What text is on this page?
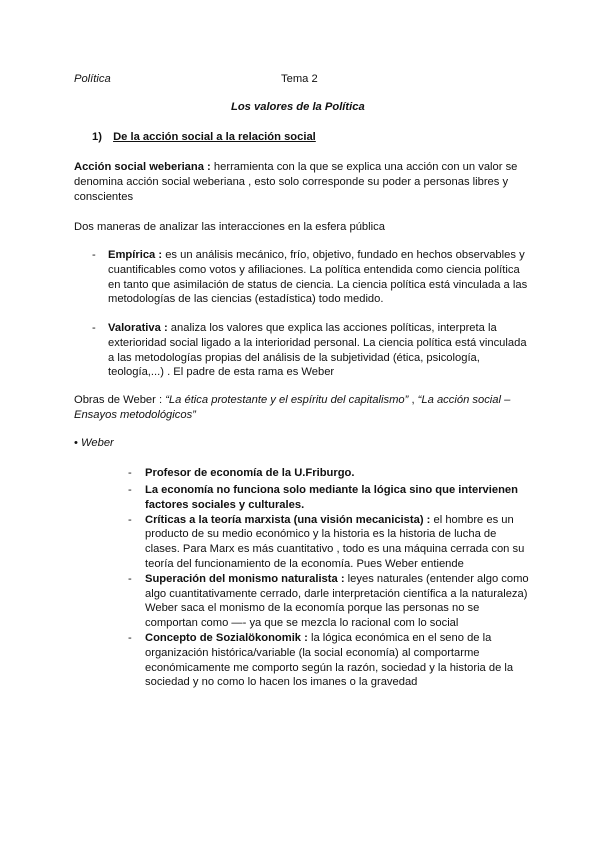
Política	Tema 2
Los valores de la Política
1) De la acción social a la relación social
Acción social weberiana : herramienta con la que se explica una acción con un valor se
denomina acción social weberiana , esto solo corresponde su poder a personas libres y
conscientes
Dos maneras de analizar las interacciones en la esfera pública
- Empírica : es un análisis mecánico, frío, objetivo, fundado en hechos observables y
cuantificables como votos y afiliaciones. La política entendida como ciencia política
en tanto que asimilación de status de ciencia. La ciencia política está vinculada a las
metodologías de las ciencias (estadística) todo medido.
- Valorativa : analiza los valores que explica las acciones políticas, interpreta la
exterioridad social ligado a la interioridad personal. La ciencia política está vinculada
a las metodologías propias del análisis de la subjetividad (ética, psicología,
teología,...) . El padre de esta rama es Weber
Obras de Weber : “La ética protestante y el espíritu del capitalismo” , “La acción social –
Ensayos metodológicos”
• Weber
- Profesor de economía de la U.Friburgo.
- La economía no funciona solo mediante la lógica sino que intervienen
factores sociales y culturales.
- Críticas a la teoría marxista (una visión mecanicista) : el hombre es un
producto de su medio económico y la historia es la historia de lucha de
clases. Para Marx es más cuantitativo , todo es una máquina cerrada con su
teoría del funcionamiento de la economía. Pues Weber entiende
- Superación del monismo naturalista : leyes naturales (entender algo como
algo cuantitativamente cerrado, darle interpretación científica a la naturaleza)
Weber saca el monismo de la economía porque las personas no se
comportan como —- ya que se mezcla lo racional com lo social
- Concepto de Sozialökonomik : la lógica económica en el seno de la
organización histórica/variable (la social economía) al comportarme
económicamente me comporto según la razón, sociedad y la historia de la
sociedad y no como lo hacen los imanes o la gravedad
